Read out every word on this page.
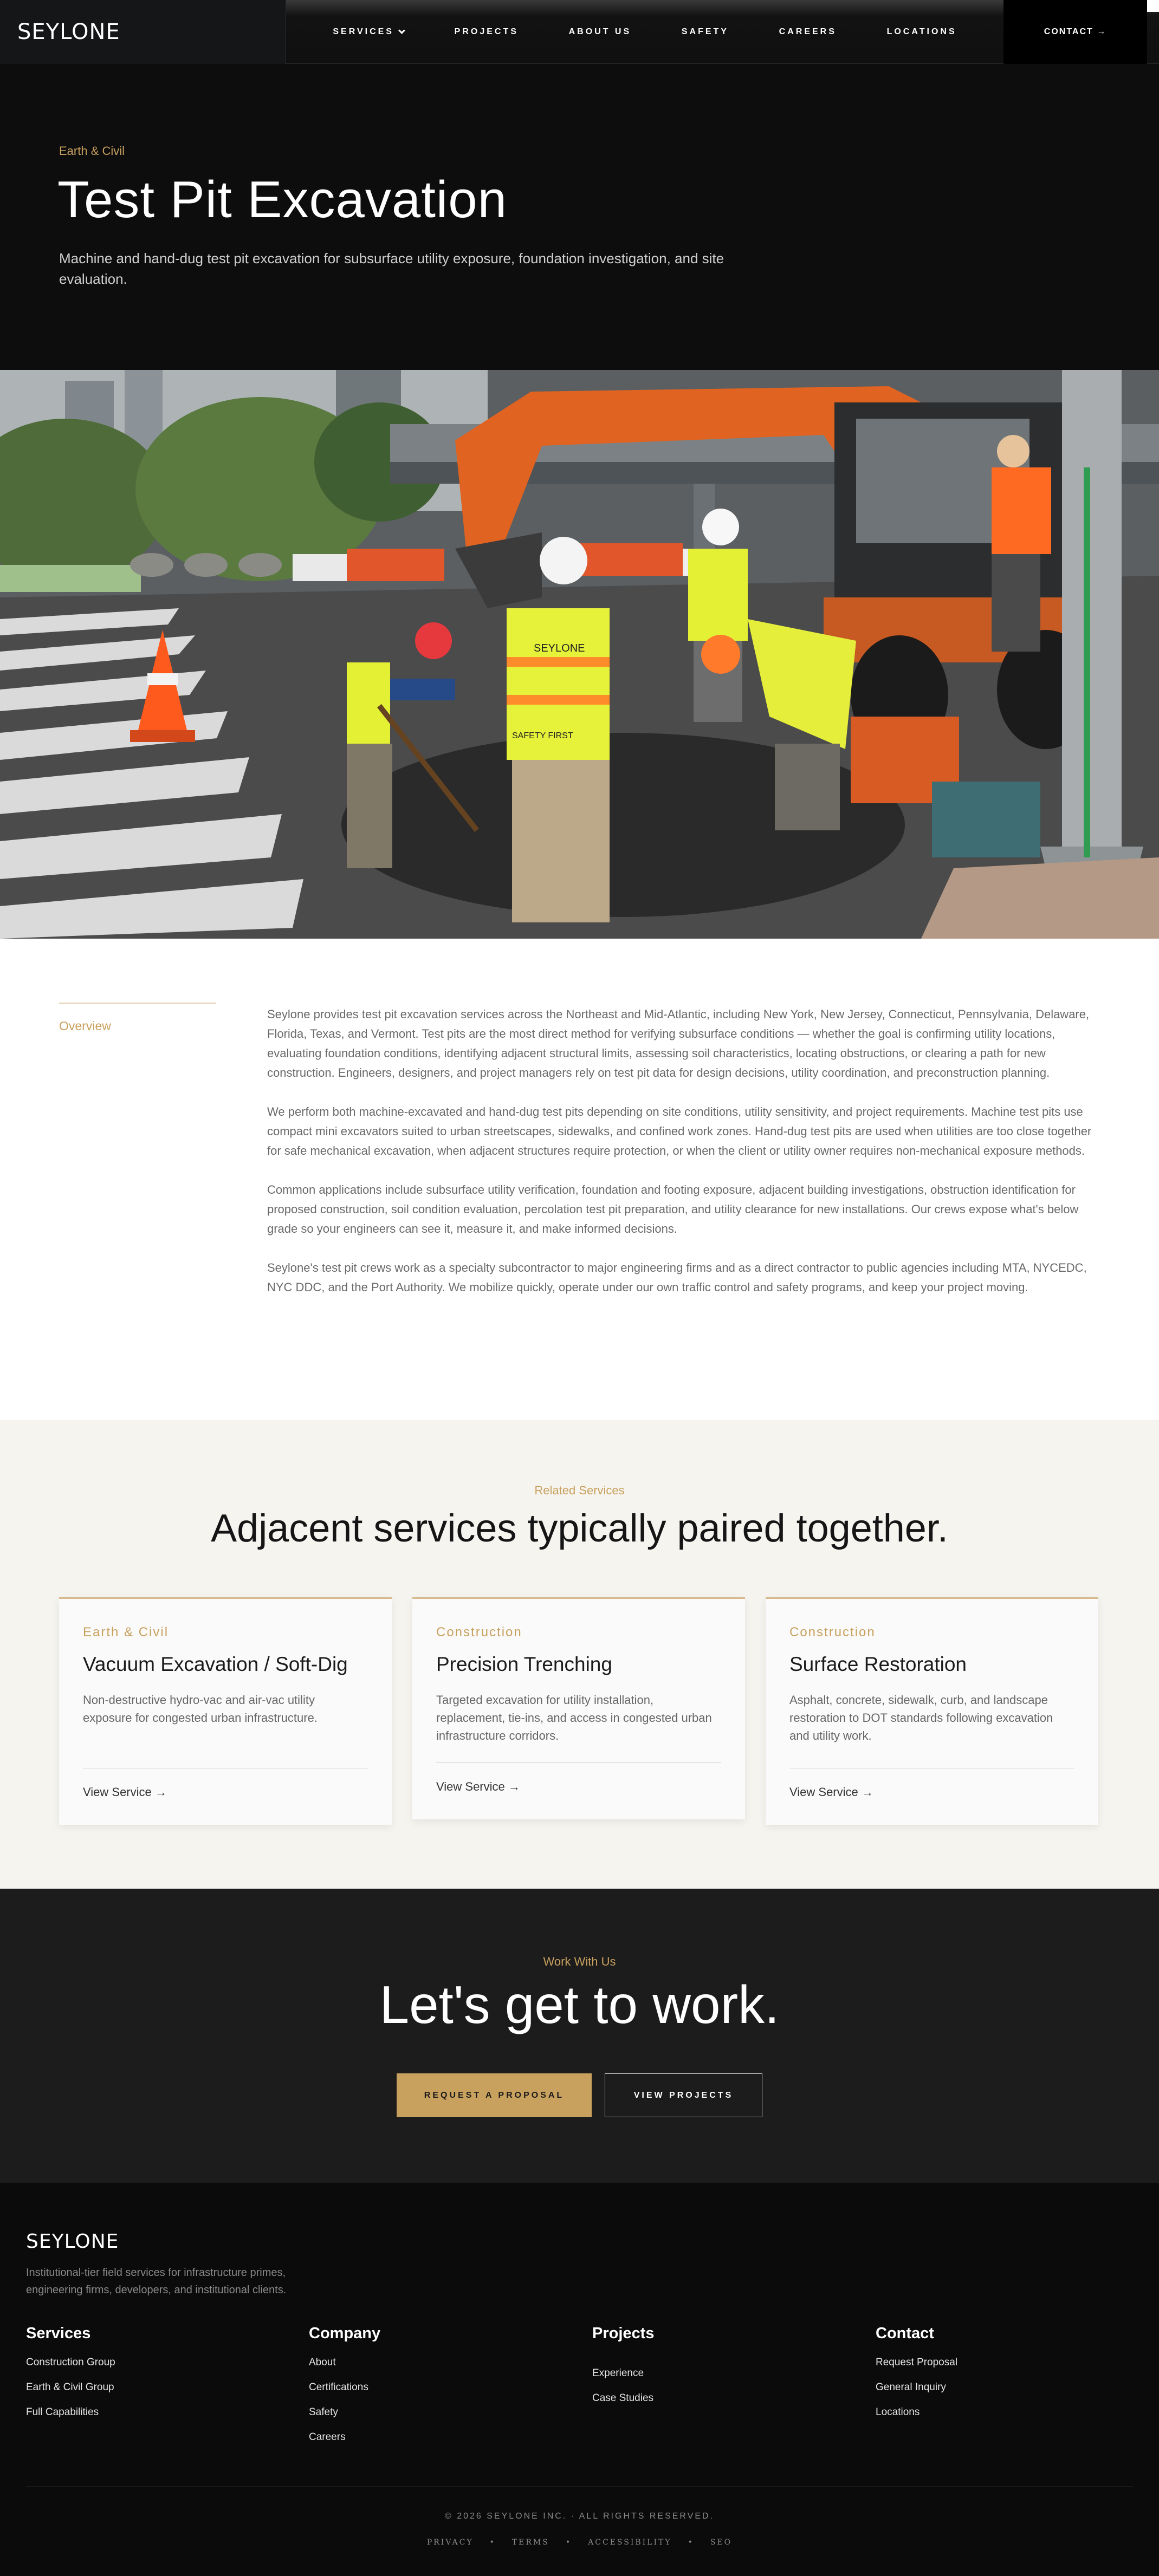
SEYLONE	SERVICES	PROJECTS	ABOUT US	SAFETY	CAREERS	LOCATIONS	CONTACT →
Earth & Civil
Test Pit Excavation

Machine and hand-dug test pit excavation for subsurface utility exposure, foundation investigation, and site evaluation.

SEYLONE
SAFETY FIRST
Overview

Seylone provides test pit excavation services across the Northeast and Mid-Atlantic, including New York, New Jersey, Connecticut, Pennsylvania, Delaware, Florida, Texas, and Vermont. Test pits are the most direct method for verifying subsurface conditions — whether the goal is confirming utility locations, evaluating foundation conditions, identifying adjacent structural limits, assessing soil characteristics, locating obstructions, or clearing a path for new construction. Engineers, designers, and project managers rely on test pit data for design decisions, utility coordination, and preconstruction planning.

We perform both machine-excavated and hand-dug test pits depending on site conditions, utility sensitivity, and project requirements. Machine test pits use compact mini excavators suited to urban streetscapes, sidewalks, and confined work zones. Hand-dug test pits are used when utilities are too close together for safe mechanical excavation, when adjacent structures require protection, or when the client or utility owner requires non-mechanical exposure methods.

Common applications include subsurface utility verification, foundation and footing exposure, adjacent building investigations, obstruction identification for proposed construction, soil condition evaluation, percolation test pit preparation, and utility clearance for new installations. Our crews expose what's below grade so your engineers can see it, measure it, and make informed decisions.

Seylone's test pit crews work as a specialty subcontractor to major engineering firms and as a direct contractor to public agencies including MTA, NYCEDC, NYC DDC, and the Port Authority. We mobilize quickly, operate under our own traffic control and safety programs, and keep your project moving.

Related Services
Adjacent services typically paired together.
Earth & Civil
Vacuum Excavation / Soft-Dig
Non-destructive hydro-vac and air-vac utility exposure for congested urban infrastructure.
View Service →
Construction
Precision Trenching
Targeted excavation for utility installation, replacement, tie-ins, and access in congested urban infrastructure corridors.
View Service →
Construction
Surface Restoration
Asphalt, concrete, sidewalk, curb, and landscape restoration to DOT standards following excavation and utility work.
View Service →
Work With Us
Let's get to work.
REQUEST A PROPOSAL	VIEW PROJECTS
SEYLONE
Institutional-tier field services for infrastructure primes, engineering firms, developers, and institutional clients.
Services
Construction Group
Earth & Civil Group
Full Capabilities
Company
About
Certifications
Safety
Careers
Projects
Experience
Case Studies
Contact
Request Proposal
General Inquiry
Locations
© 2026 SEYLONE INC. · ALL RIGHTS RESERVED.
PRIVACY • TERMS • ACCESSIBILITY • SEO
